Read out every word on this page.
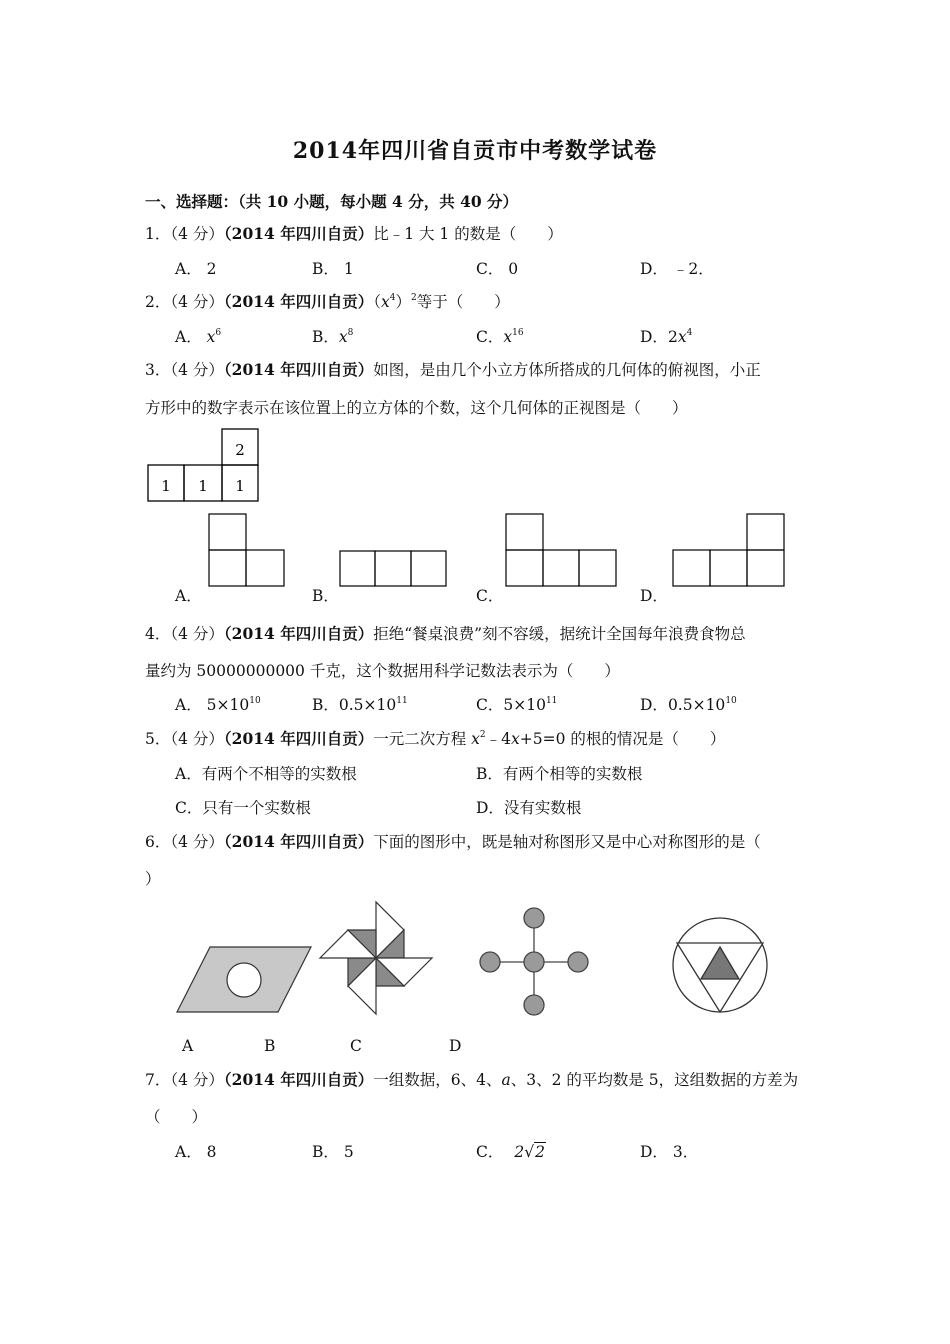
2014年四川省自贡市中考数学试卷
一、选择题：（共 10 小题，每小题 4 分，共 40 分）
1．（4 分）（2014 年四川自贡）比﹣1 大 1 的数是（　　）
A． 2	B． 1	C． 0	D． ﹣2．
2．（4 分）（2014 年四川自贡）$(x^4)^2$等于（　　）
A． $x^6$	B．$x^8$	C．$x^{16}$	D．$2x^4$
3．（4 分）（2014 年四川自贡）如图，是由几个小立方体所搭成的几何体的俯视图，小正
方形中的数字表示在该位置上的立方体的个数，这个几何体的正视图是（　　）
2
1 1 1
A．	B．	C．	D．
4．（4 分）（2014 年四川自贡）拒绝“餐桌浪费”刻不容缓，据统计全国每年浪费食物总
量约为 50000000000 千克，这个数据用科学记数法表示为（　　）
A． $5\times 10^{10}$	B．$0.5\times 10^{11}$	C．$5\times 10^{11}$	D．$0.5\times 10^{10}$
5．（4 分）（2014 年四川自贡）一元二次方程 $x^2﹣4x+5=0$ 的根的情况是（　　）
A．有两个不相等的实数根	B．有两个相等的实数根
C．只有一个实数根	D．没有实数根
6．（4 分）（2014 年四川自贡）下面的图形中，既是轴对称图形又是中心对称图形的是（
）
A	B	C	D
7．（4 分）（2014 年四川自贡）一组数据，6、4、a、3、2 的平均数是 5，这组数据的方差为
（　　）
A． 8	B． 5	C． 2√2	D． 3．
